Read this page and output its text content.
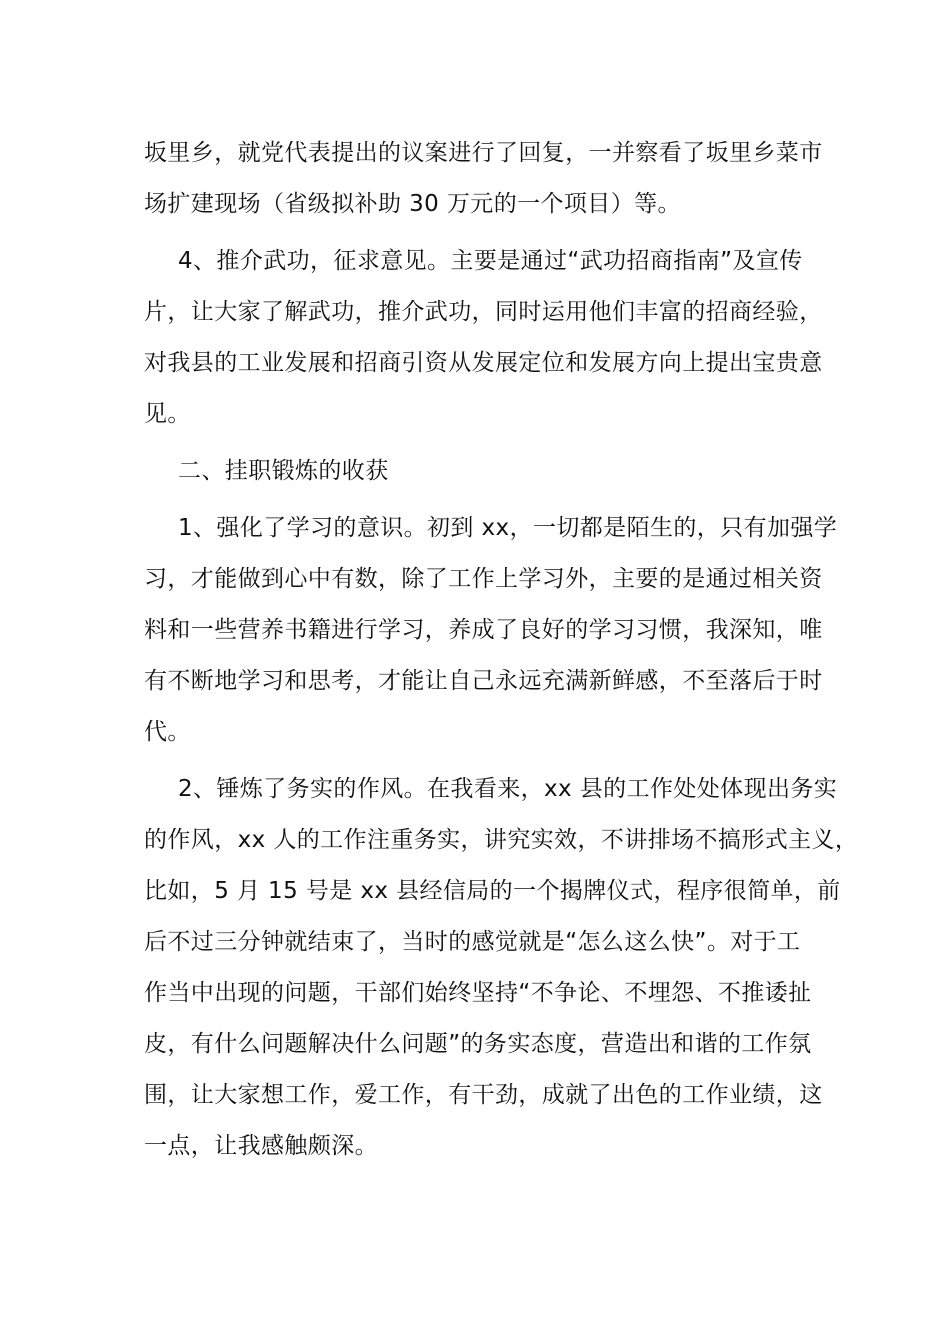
坂里乡，就党代表提出的议案进行了回复，一并察看了坂里乡菜市
场扩建现场（省级拟补助 30 万元的一个项目）等。

4、推介武功，征求意见。主要是通过“武功招商指南”及宣传
片，让大家了解武功，推介武功，同时运用他们丰富的招商经验，
对我县的工业发展和招商引资从发展定位和发展方向上提出宝贵意
见。

二、挂职锻炼的收获

1、强化了学习的意识。初到 xx，一切都是陌生的，只有加强学
习，才能做到心中有数，除了工作上学习外，主要的是通过相关资
料和一些营养书籍进行学习，养成了良好的学习习惯，我深知，唯
有不断地学习和思考，才能让自己永远充满新鲜感，不至落后于时
代。

2、锤炼了务实的作风。在我看来，xx 县的工作处处体现出务实
的作风，xx 人的工作注重务实，讲究实效，不讲排场不搞形式主义，
比如，5 月 15 号是 xx 县经信局的一个揭牌仪式，程序很简单，前
后不过三分钟就结束了，当时的感觉就是“怎么这么快”。对于工
作当中出现的问题，干部们始终坚持“不争论、不埋怨、不推诿扯
皮，有什么问题解决什么问题”的务实态度，营造出和谐的工作氛
围，让大家想工作，爱工作，有干劲，成就了出色的工作业绩，这
一点，让我感触颇深。
